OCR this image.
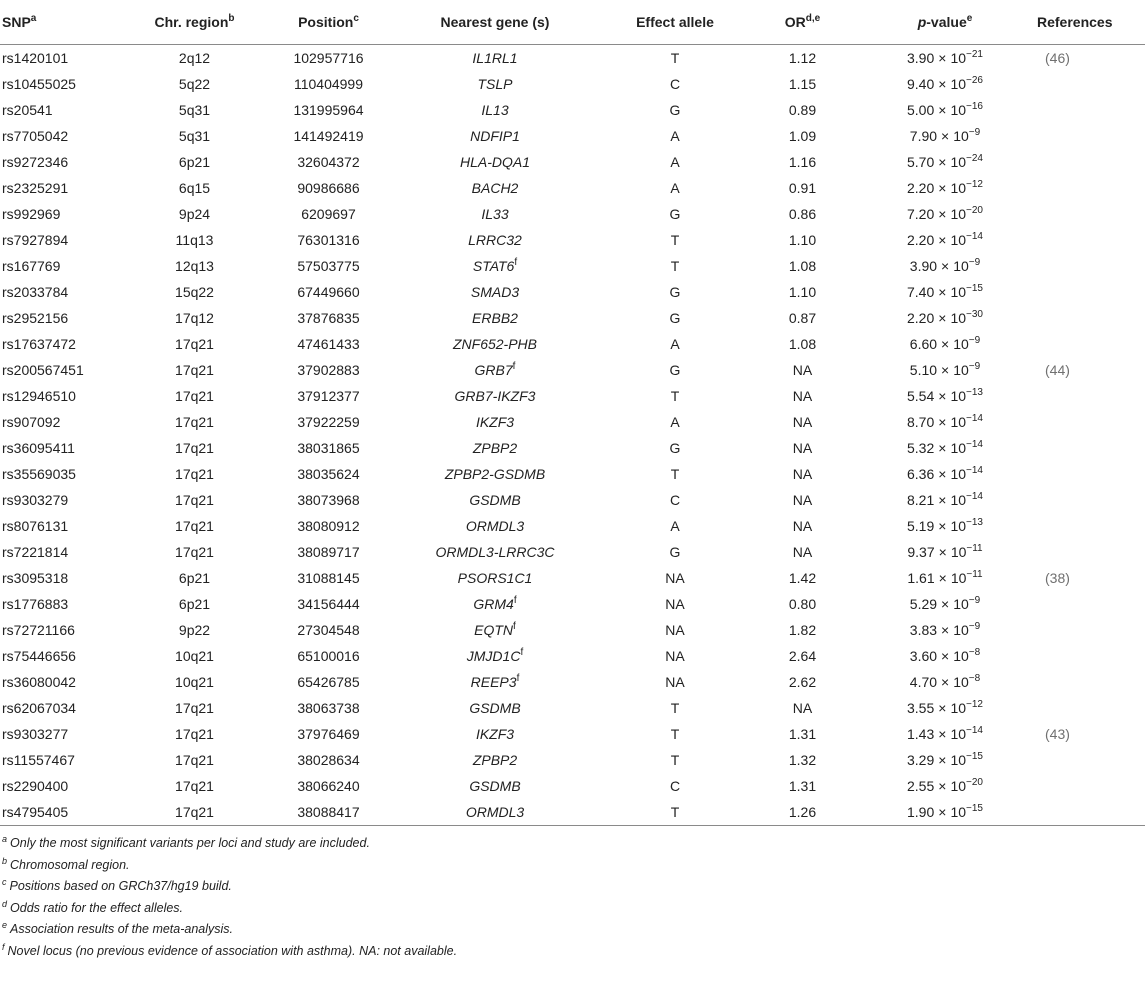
SNP$^a$	Chr. region$^b$	Position$^c$	Nearest gene (s)	Effect allele	OR$^{d,e}$	p-value$^e$	References
rs1420101	2q12	102957716	IL1RL1	T	1.12	$3.90 \times 10^{-21}$	(46)
rs10455025	5q22	110404999	TSLP	C	1.15	$9.40 \times 10^{-26}$	
rs20541	5q31	131995964	IL13	G	0.89	$5.00 \times 10^{-16}$	
rs7705042	5q31	141492419	NDFIP1	A	1.09	$7.90 \times 10^{-9}$	
rs9272346	6p21	32604372	HLA-DQA1	A	1.16	$5.70 \times 10^{-24}$	
rs2325291	6q15	90986686	BACH2	A	0.91	$2.20 \times 10^{-12}$	
rs992969	9p24	6209697	IL33	G	0.86	$7.20 \times 10^{-20}$	
rs7927894	11q13	76301316	LRRC32	T	1.10	$2.20 \times 10^{-14}$	
rs167769	12q13	57503775	STAT6$^f$	T	1.08	$3.90 \times 10^{-9}$	
rs2033784	15q22	67449660	SMAD3	G	1.10	$7.40 \times 10^{-15}$	
rs2952156	17q12	37876835	ERBB2	G	0.87	$2.20 \times 10^{-30}$	
rs17637472	17q21	47461433	ZNF652-PHB	A	1.08	$6.60 \times 10^{-9}$	
rs200567451	17q21	37902883	GRB7$^f$	G	NA	$5.10 \times 10^{-9}$	(44)
rs12946510	17q21	37912377	GRB7-IKZF3	T	NA	$5.54 \times 10^{-13}$	
rs907092	17q21	37922259	IKZF3	A	NA	$8.70 \times 10^{-14}$	
rs36095411	17q21	38031865	ZPBP2	G	NA	$5.32 \times 10^{-14}$	
rs35569035	17q21	38035624	ZPBP2-GSDMB	T	NA	$6.36 \times 10^{-14}$	
rs9303279	17q21	38073968	GSDMB	C	NA	$8.21 \times 10^{-14}$	
rs8076131	17q21	38080912	ORMDL3	A	NA	$5.19 \times 10^{-13}$	
rs7221814	17q21	38089717	ORMDL3-LRRC3C	G	NA	$9.37 \times 10^{-11}$	
rs3095318	6p21	31088145	PSORS1C1	NA	1.42	$1.61 \times 10^{-11}$	(38)
rs1776883	6p21	34156444	GRM4$^f$	NA	0.80	$5.29 \times 10^{-9}$	
rs72721166	9p22	27304548	EQTN$^f$	NA	1.82	$3.83 \times 10^{-9}$	
rs75446656	10q21	65100016	$JMJD1C^f$	NA	2.64	$3.60 \times 10^{-8}$	
rs36080042	10q21	65426785	REEP3$^f$	NA	2.62	$4.70 \times 10^{-8}$	
rs62067034	17q21	38063738	GSDMB	T	NA	$3.55 \times 10^{-12}$	
rs9303277	17q21	37976469	IKZF3	T	1.31	$1.43 \times 10^{-14}$	(43)
rs11557467	17q21	38028634	ZPBP2	T	1.32	$3.29 \times 10^{-15}$	
rs2290400	17q21	38066240	GSDMB	C	1.31	$2.55 \times 10^{-20}$	
rs4795405	17q21	38088417	ORMDL3	T	1.26	$1.90 \times 10^{-15}$	
$^a$ Only the most significant variants per loci and study are included.
$^b$ Chromosomal region.
$^c$ Positions based on GRCh37/hg19 build.
$^d$ Odds ratio for the effect alleles.
$^e$ Association results of the meta-analysis.
$^f$ Novel locus (no previous evidence of association with asthma). NA: not available.
